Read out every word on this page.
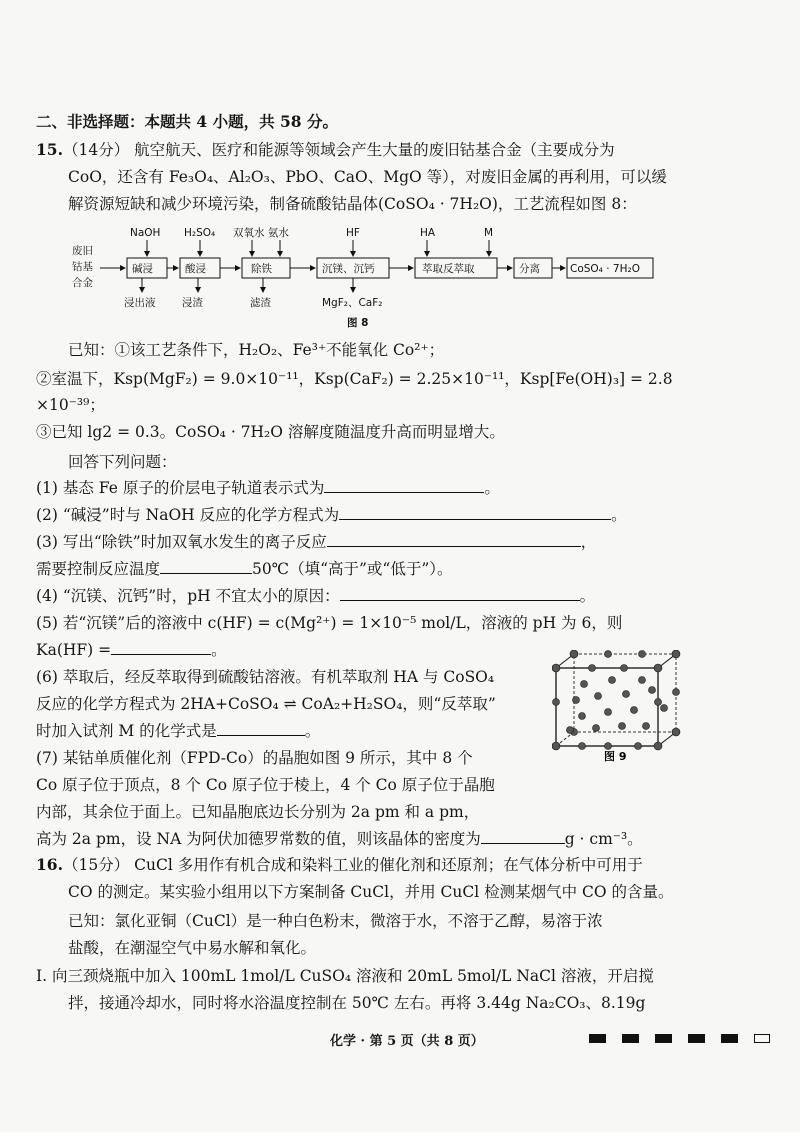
二、非选择题：本题共 4 小题，共 58 分。
15.（14分） 航空航天、医疗和能源等领域会产生大量的废旧钴基合金（主要成分为
CoO，还含有 Fe₃O₄、Al₂O₃、PbO、CaO、MgO 等），对废旧金属的再利用，可以缓
解资源短缺和减少环境污染，制备硫酸钴晶体(CoSO₄ · 7H₂O)，工艺流程如图 8：
废旧
钴基
合金
碱浸	酸浸	除铁	沉镁、沉钙	萃取反萃取	分离	CoSO₄ · 7H₂O
NaOH H₂SO₄ 双氧水 氨水	HF	HA	M
浸出液	浸渣	滤渣	MgF₂、CaF₂
图 8
已知：①该工艺条件下，H₂O₂、Fe³⁺不能氧化 Co²⁺；
②室温下，Ksp(MgF₂) = 9.0×10⁻¹¹，Ksp(CaF₂) = 2.25×10⁻¹¹，Ksp[Fe(OH)₃] = 2.8
×10⁻³⁹；
③已知 lg2 = 0.3。CoSO₄ · 7H₂O 溶解度随温度升高而明显增大。
回答下列问题：
(1) 基态 Fe 原子的价层电子轨道表示式为	。
(2) “碱浸”时与 NaOH 反应的化学方程式为	。
(3) 写出“除铁”时加双氧水发生的离子反应	，
需要控制反应温度	50℃（填“高于”或“低于”）。
(4) “沉镁、沉钙”时，pH 不宜太小的原因：	。
(5) 若“沉镁”后的溶液中 c(HF) = c(Mg²⁺) = 1×10⁻⁵ mol/L，溶液的 pH 为 6，则
Ka(HF) =	。
(6) 萃取后，经反萃取得到硫酸钴溶液。有机萃取剂 HA 与 CoSO₄
反应的化学方程式为 2HA+CoSO₄ ⇌ CoA₂+H₂SO₄，则“反萃取”
时加入试剂 M 的化学式是	。
(7) 某钴单质催化剂（FPD-Co）的晶胞如图 9 所示，其中 8 个
Co 原子位于顶点，8 个 Co 原子位于棱上，4 个 Co 原子位于晶胞
内部，其余位于面上。已知晶胞底边长分别为 2a pm 和 a pm，
高为 2a pm，设 NA 为阿伏加德罗常数的值，则该晶体的密度为	g · cm⁻³。
图 9
16.（15分） CuCl 多用作有机合成和染料工业的催化剂和还原剂；在气体分析中可用于
CO 的测定。某实验小组用以下方案制备 CuCl，并用 CuCl 检测某烟气中 CO 的含量。
已知：氯化亚铜（CuCl）是一种白色粉末，微溶于水，不溶于乙醇，易溶于浓
盐酸，在潮湿空气中易水解和氧化。
Ⅰ. 向三颈烧瓶中加入 100mL 1mol/L CuSO₄ 溶液和 20mL 5mol/L NaCl 溶液，开启搅
拌，接通冷却水，同时将水浴温度控制在 50℃ 左右。再将 3.44g Na₂CO₃、8.19g
化学 · 第 5 页（共 8 页）
